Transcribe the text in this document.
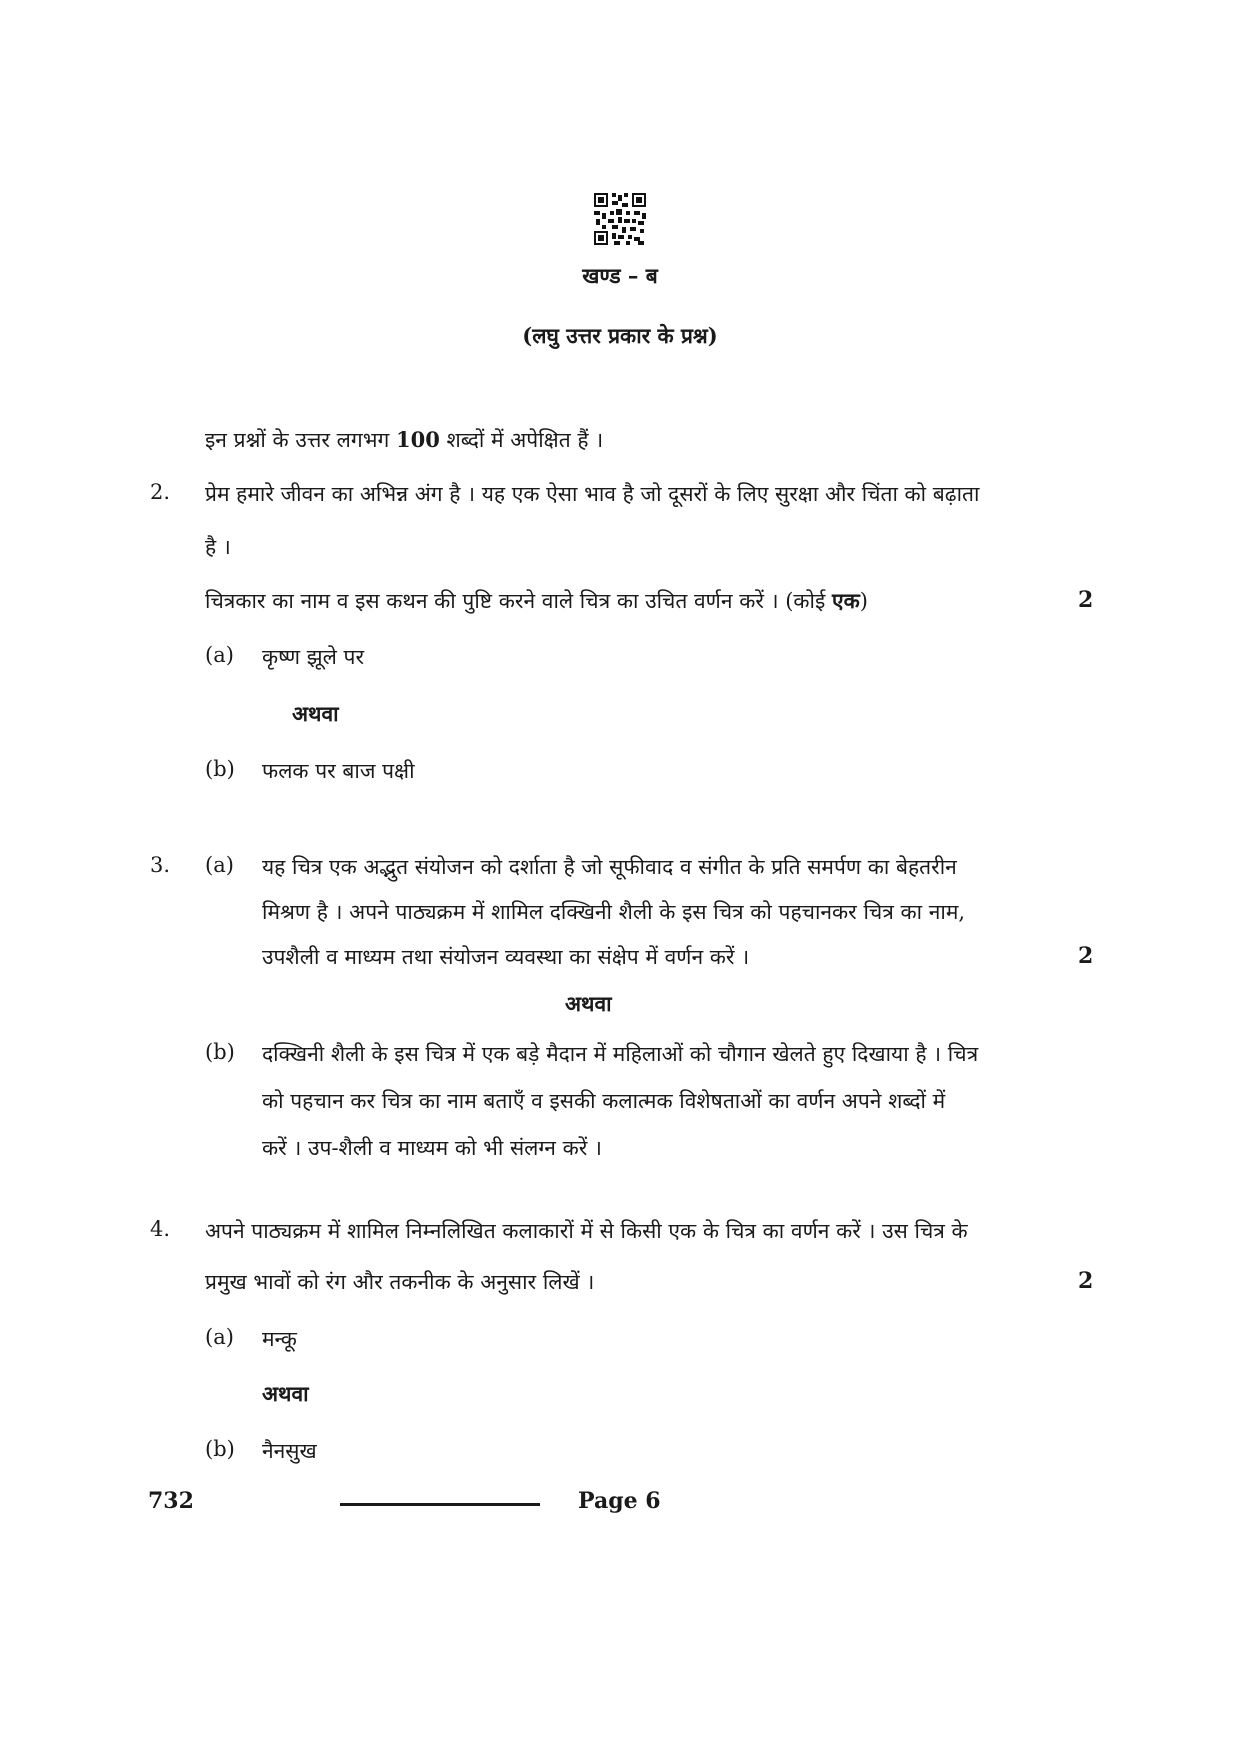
खण्ड – ब
(लघु उत्तर प्रकार के प्रश्न)
इन प्रश्नों के उत्तर लगभग 100 शब्दों में अपेक्षित हैं ।
2. प्रेम हमारे जीवन का अभिन्न अंग है । यह एक ऐसा भाव है जो दूसरों के लिए सुरक्षा और चिंता को बढ़ाता
है ।
चित्रकार का नाम व इस कथन की पुष्टि करने वाले चित्र का उचित वर्णन करें । (कोई एक)	2
(a) कृष्ण झूले पर
अथवा
(b) फलक पर बाज पक्षी
3. (a) यह चित्र एक अद्भुत संयोजन को दर्शाता है जो सूफीवाद व संगीत के प्रति समर्पण का बेहतरीन
मिश्रण है । अपने पाठ्यक्रम में शामिल दक्खिनी शैली के इस चित्र को पहचानकर चित्र का नाम,
उपशैली व माध्यम तथा संयोजन व्यवस्था का संक्षेप में वर्णन करें ।	2
अथवा
(b) दक्खिनी शैली के इस चित्र में एक बड़े मैदान में महिलाओं को चौगान खेलते हुए दिखाया है । चित्र
को पहचान कर चित्र का नाम बताएँ व इसकी कलात्मक विशेषताओं का वर्णन अपने शब्दों में
करें । उप-शैली व माध्यम को भी संलग्न करें ।
4. अपने पाठ्यक्रम में शामिल निम्नलिखित कलाकारों में से किसी एक के चित्र का वर्णन करें । उस चित्र के
प्रमुख भावों को रंग और तकनीक के अनुसार लिखें ।	2
(a) मन्कू
अथवा
(b) नैनसुख
732	Page 6
